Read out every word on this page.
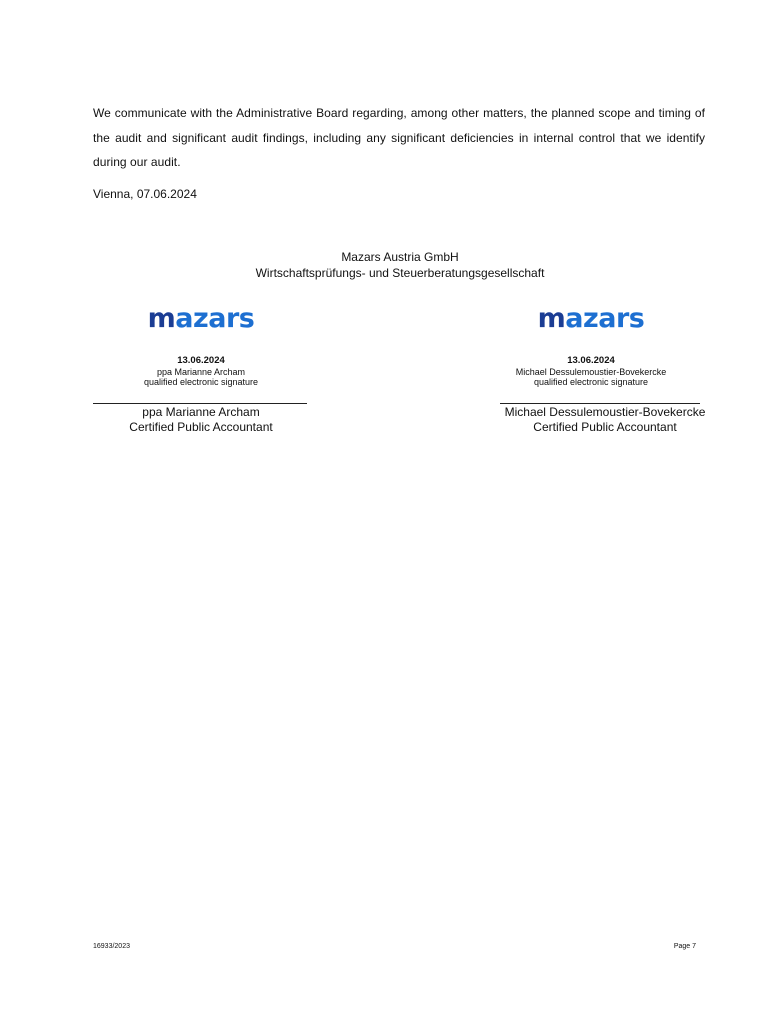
We communicate with the Administrative Board regarding, among other matters, the planned scope and timing of the audit and significant audit findings, including any significant deficiencies in internal control that we identify during our audit.
Vienna, 07.06.2024
Mazars Austria GmbH
Wirtschaftsprüfungs- und Steuerberatungsgesellschaft
mazars
13.06.2024
ppa Marianne Archam
qualified electronic signature
mazars
13.06.2024
Michael Dessulemoustier-Bovekercke
qualified electronic signature
ppa Marianne Archam
Certified Public Accountant
Michael Dessulemoustier-Bovekercke
Certified Public Accountant
16933/2023	Page 7
